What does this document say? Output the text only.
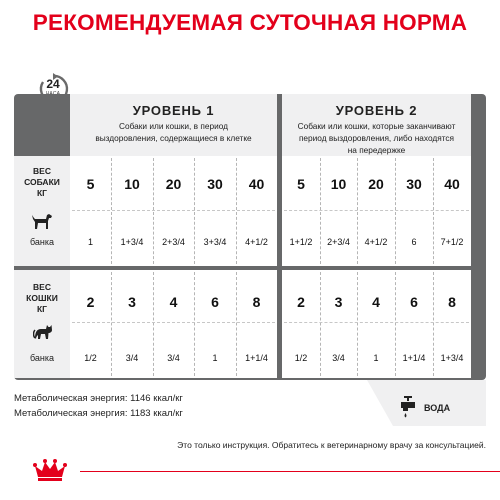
РЕКОМЕНДУЕМАЯ СУТОЧНАЯ НОРМА
24
УРОВЕНЬ 1
Собаки или кошки, в период
выздоровления, содержащиеся в клетке
УРОВЕНЬ 2
Собаки или кошки, которые заканчивают
период выздоровления, либо находятся
на передержке
ВЕС
СОБАКИ
КГ
банка
ВЕС
КОШКИ
КГ
банка
5	10	20	30	40	5	10	20	30	40
1	1+3/4	2+3/4	3+3/4	4+1/2	1+1/2	2+3/4	4+1/2	6	7+1/2
2	3	4	6	8	2	3	4	6	8
1/2	3/4	3/4	1	1+1/4	1/2	3/4	1	1+1/4	1+3/4
Метаболическая энергия: 1146 ккал/кг
Метаболическая энергия: 1183 ккал/кг	ВОДА
Это только инструкция. Обратитесь к ветеринарному врачу за консультацией.
